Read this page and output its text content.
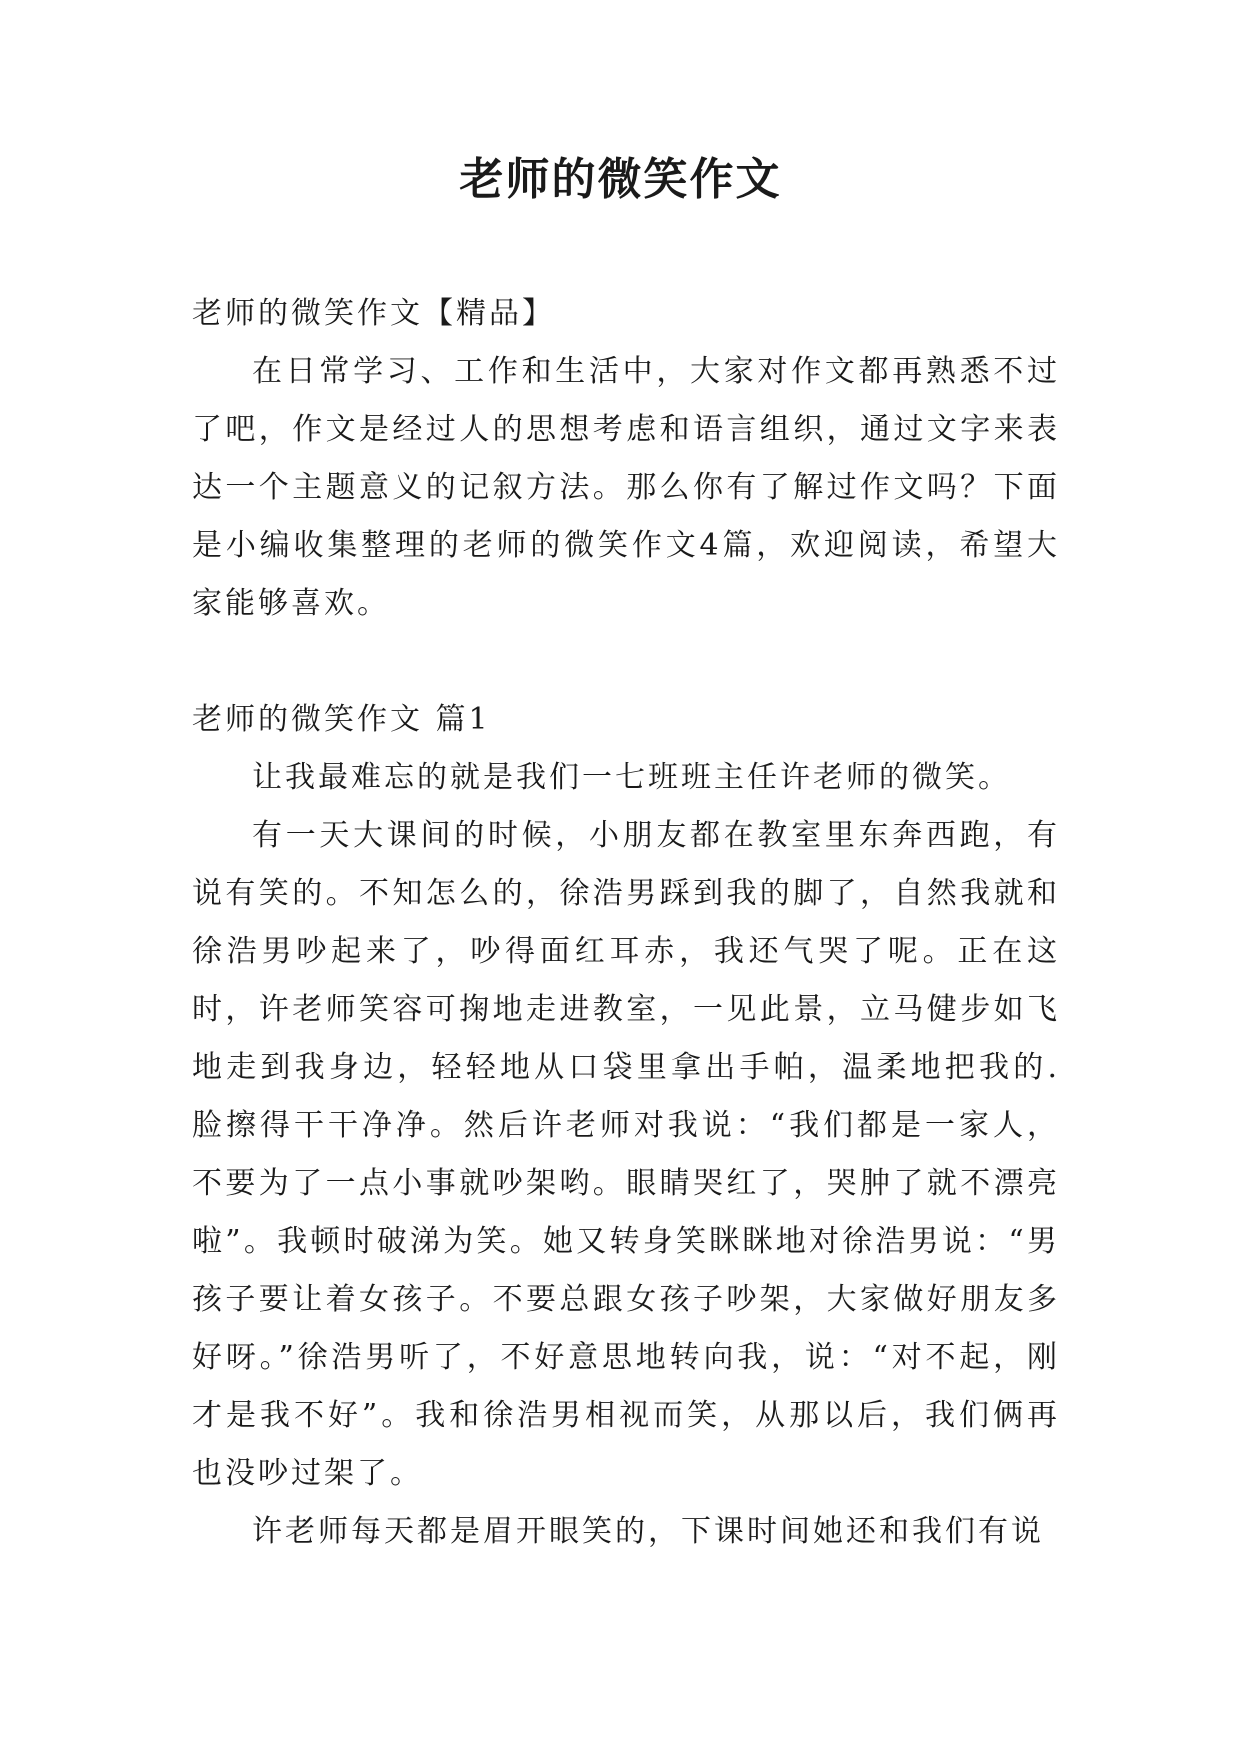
老师的微笑作文

老师的微笑作文【精品】

在日常学习、工作和生活中，大家对作文都再熟悉不过了吧，作文是经过人的思想考虑和语言组织，通过文字来表达一个主题意义的记叙方法。那么你有了解过作文吗？下面是小编收集整理的老师的微笑作文4篇，欢迎阅读，希望大家能够喜欢。

老师的微笑作文 篇1

让我最难忘的就是我们一七班班主任许老师的微笑。

有一天大课间的时候，小朋友都在教室里东奔西跑，有说有笑的。不知怎么的，徐浩男踩到我的脚了，自然我就和徐浩男吵起来了，吵得面红耳赤，我还气哭了呢。正在这时，许老师笑容可掬地走进教室，一见此景，立马健步如飞地走到我身边，轻轻地从口袋里拿出手帕，温柔地把我的.脸擦得干干净净。然后许老师对我说：“我们都是一家人，不要为了一点小事就吵架哟。眼睛哭红了，哭肿了就不漂亮啦”。我顿时破涕为笑。她又转身笑眯眯地对徐浩男说：“男孩子要让着女孩子。不要总跟女孩子吵架，大家做好朋友多好呀。”徐浩男听了，不好意思地转向我，说：“对不起，刚才是我不好”。我和徐浩男相视而笑，从那以后，我们俩再也没吵过架了。

许老师每天都是眉开眼笑的，下课时间她还和我们有说
